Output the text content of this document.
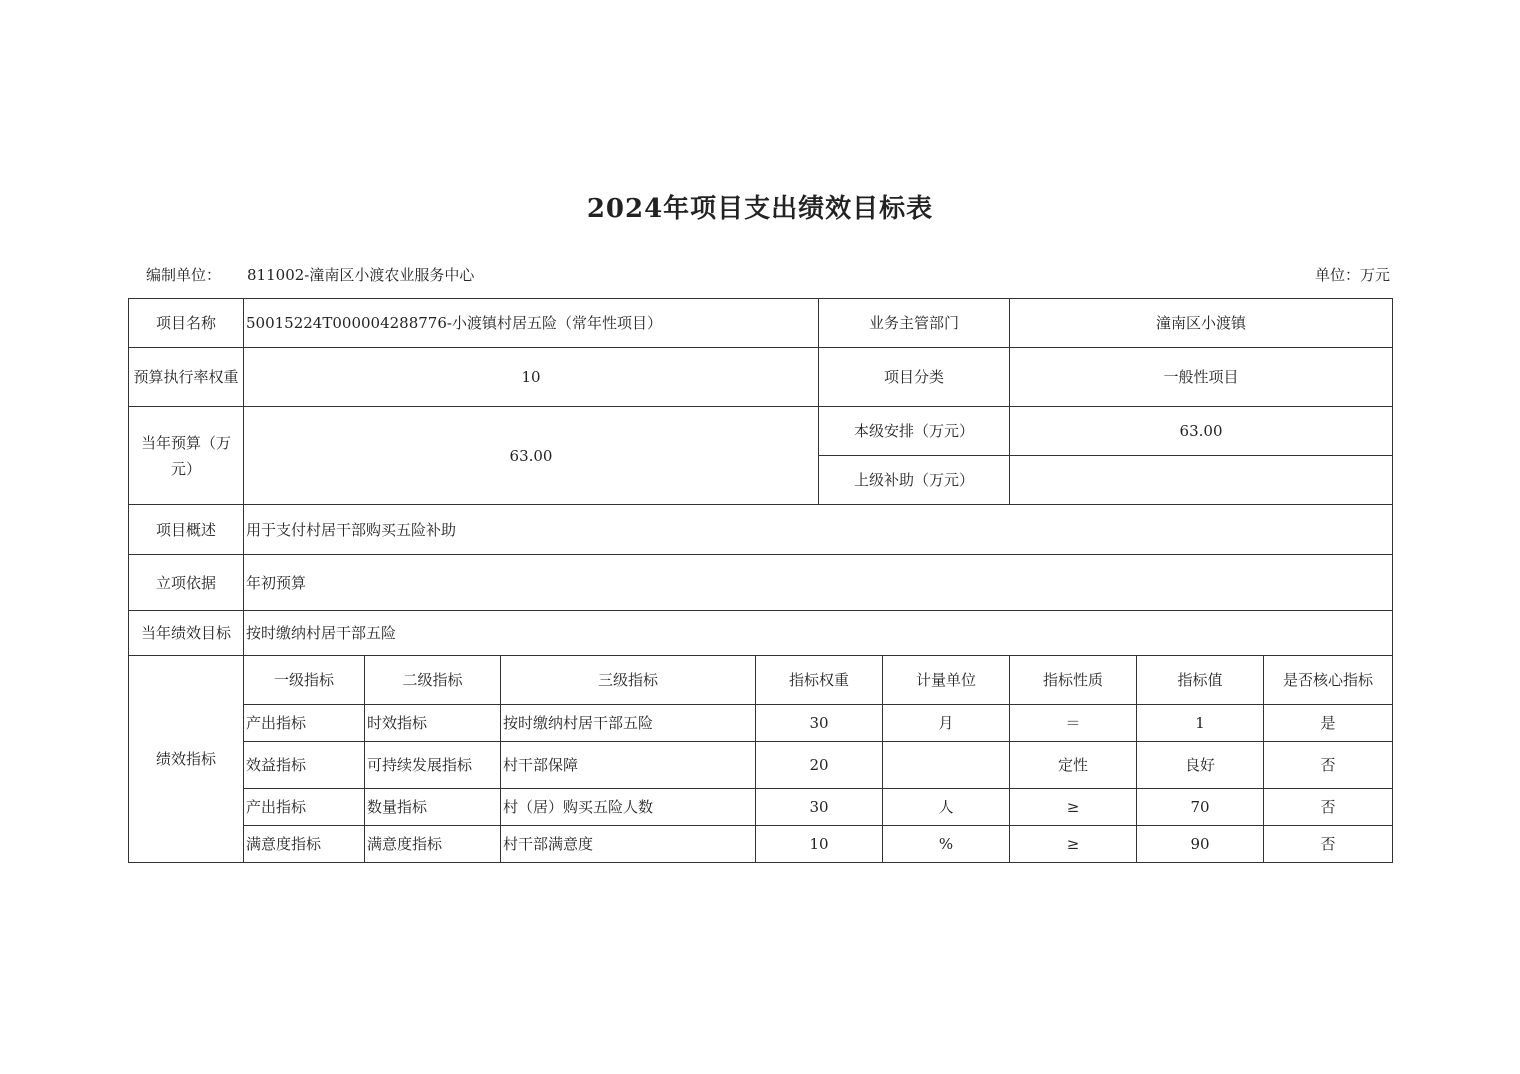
2024年项目支出绩效目标表
编制单位： 811002-潼南区小渡农业服务中心	单位：万元
项目名称	50015224T000004288776-小渡镇村居五险（常年性项目）				业务主管部门		潼南区小渡镇		
预算执行率权重	10				项目分类		一般性项目		
当年预算（万元）	63.00				本级安排（万元）		63.00		
					上级补助（万元）				
项目概述	用于支付村居干部购买五险补助								
立项依据	年初预算								
当年绩效目标	按时缴纳村居干部五险								
绩效指标	一级指标	二级指标	三级指标	指标权重		计量单位	指标性质	指标值	是否核心指标
	产出指标	时效指标	按时缴纳村居干部五险	30		月	＝	1	是
	效益指标	可持续发展指标	村干部保障	20			定性	良好	否
	产出指标	数量指标	村（居）购买五险人数	30		人	≥	70	否
	满意度指标	满意度指标	村干部满意度	10		%	≥	90	否
